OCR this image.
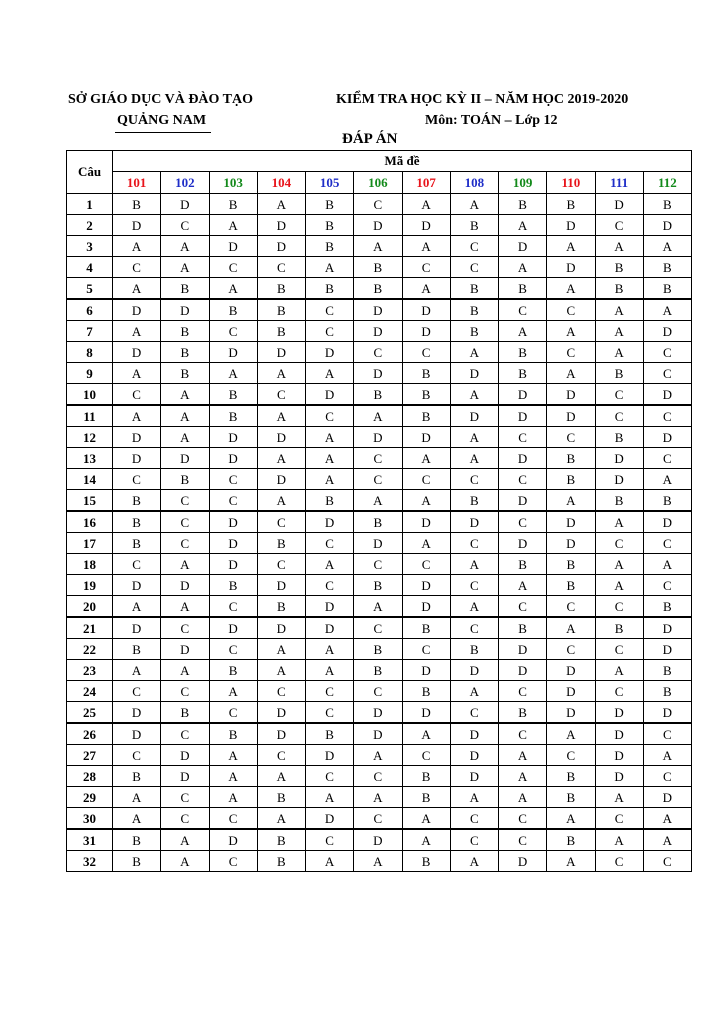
SỞ GIÁO DỤC VÀ ĐÀO TẠO
QUẢNG NAM
KIỂM TRA HỌC KỲ II – NĂM HỌC 2019-2020
Môn: TOÁN – Lớp 12
ĐÁP ÁN
Câu	Mã đề											
	101	102	103	104	105	106	107	108	109	110	111	112
1	B	D	B	A	B	C	A	A	B	B	D	B
2	D	C	A	D	B	D	D	B	A	D	C	D
3	A	A	D	D	B	A	A	C	D	A	A	A
4	C	A	C	C	A	B	C	C	A	D	B	B
5	A	B	A	B	B	B	A	B	B	A	B	B
6	D	D	B	B	C	D	D	B	C	C	A	A
7	A	B	C	B	C	D	D	B	A	A	A	D
8	D	B	D	D	D	C	C	A	B	C	A	C
9	A	B	A	A	A	D	B	D	B	A	B	C
10	C	A	B	C	D	B	B	A	D	D	C	D
11	A	A	B	A	C	A	B	D	D	D	C	C
12	D	A	D	D	A	D	D	A	C	C	B	D
13	D	D	D	A	A	C	A	A	D	B	D	C
14	C	B	C	D	A	C	C	C	C	B	D	A
15	B	C	C	A	B	A	A	B	D	A	B	B
16	B	C	D	C	D	B	D	D	C	D	A	D
17	B	C	D	B	C	D	A	C	D	D	C	C
18	C	A	D	C	A	C	C	A	B	B	A	A
19	D	D	B	D	C	B	D	C	A	B	A	C
20	A	A	C	B	D	A	D	A	C	C	C	B
21	D	C	D	D	D	C	B	C	B	A	B	D
22	B	D	C	A	A	B	C	B	D	C	C	D
23	A	A	B	A	A	B	D	D	D	D	A	B
24	C	C	A	C	C	C	B	A	C	D	C	B
25	D	B	C	D	C	D	D	C	B	D	D	D
26	D	C	B	D	B	D	A	D	C	A	D	C
27	C	D	A	C	D	A	C	D	A	C	D	A
28	B	D	A	A	C	C	B	D	A	B	D	C
29	A	C	A	B	A	A	B	A	A	B	A	D
30	A	C	C	A	D	C	A	C	C	A	C	A
31	B	A	D	B	C	D	A	C	C	B	A	A
32	B	A	C	B	A	A	B	A	D	A	C	C
